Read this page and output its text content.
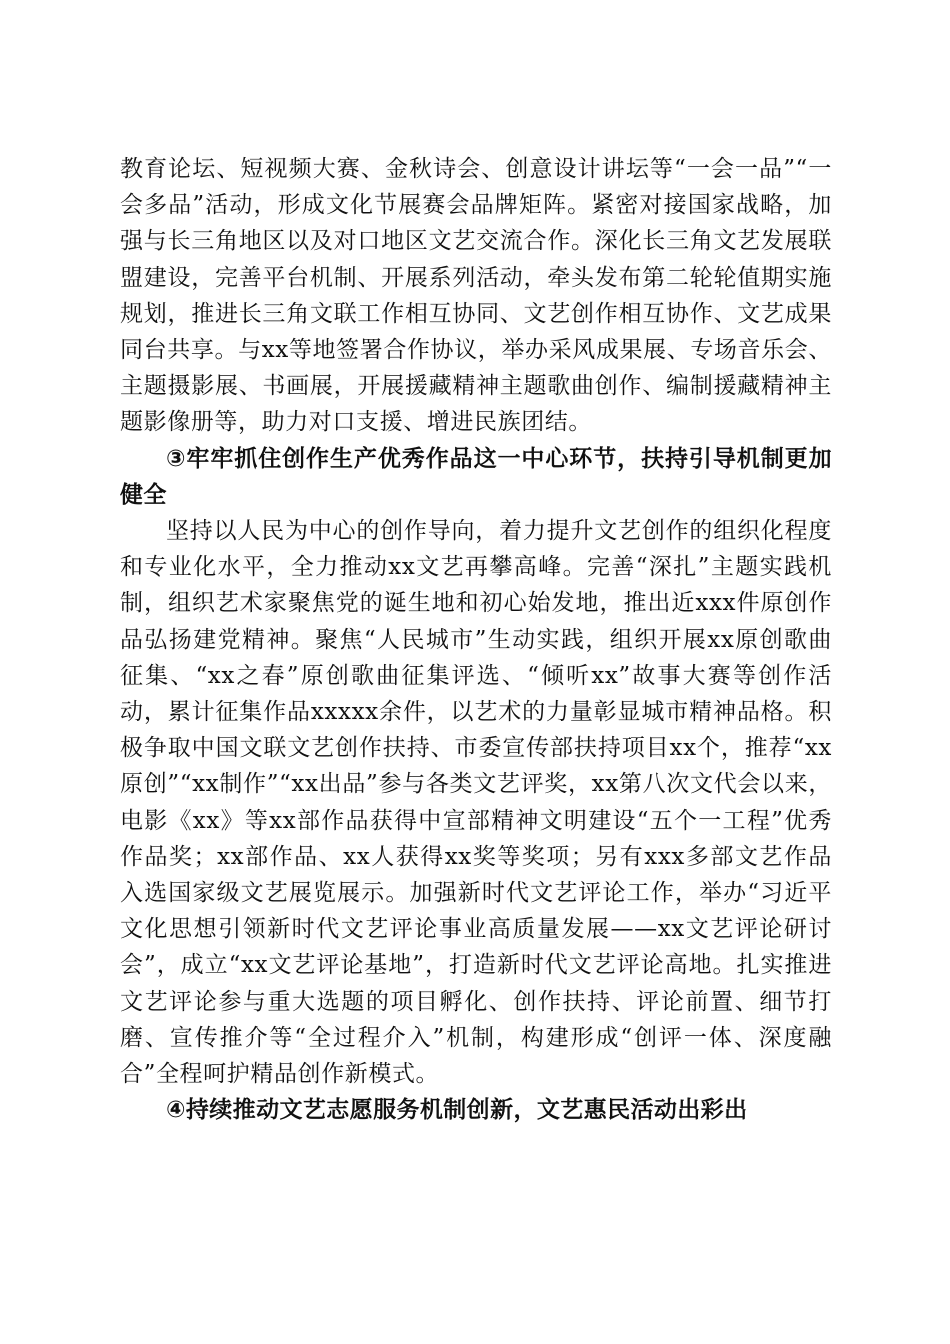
教育论坛、短视频大赛、金秋诗会、创意设计讲坛等“一会一品”“一会多品”活动，形成文化节展赛会品牌矩阵。紧密对接国家战略，加强与长三角地区以及对口地区文艺交流合作。深化长三角文艺发展联盟建设，完善平台机制、开展系列活动，牵头发布第二轮轮值期实施规划，推进长三角文联工作相互协同、文艺创作相互协作、文艺成果同台共享。与xx等地签署合作协议，举办采风成果展、专场音乐会、主题摄影展、书画展，开展援藏精神主题歌曲创作、编制援藏精神主题影像册等，助力对口支援、增进民族团结。

③牢牢抓住创作生产优秀作品这一中心环节，扶持引导机制更加健全

坚持以人民为中心的创作导向，着力提升文艺创作的组织化程度和专业化水平，全力推动xx文艺再攀高峰。完善“深扎”主题实践机制，组织艺术家聚焦党的诞生地和初心始发地，推出近xxx件原创作品弘扬建党精神。聚焦“人民城市”生动实践，组织开展xx原创歌曲征集、“xx之春”原创歌曲征集评选、“倾听xx”故事大赛等创作活动，累计征集作品xxxxx余件，以艺术的力量彰显城市精神品格。积极争取中国文联文艺创作扶持、市委宣传部扶持项目xx个，推荐“xx原创”“xx制作”“xx出品”参与各类文艺评奖，xx第八次文代会以来，电影《xx》等xx部作品获得中宣部精神文明建设“五个一工程”优秀作品奖；xx部作品、xx人获得xx奖等奖项；另有xxx多部文艺作品入选国家级文艺展览展示。加强新时代文艺评论工作，举办“习近平文化思想引领新时代文艺评论事业高质量发展——xx文艺评论研讨会”，成立“xx文艺评论基地”，打造新时代文艺评论高地。扎实推进文艺评论参与重大选题的项目孵化、创作扶持、评论前置、细节打磨、宣传推介等“全过程介入”机制，构建形成“创评一体、深度融合”全程呵护精品创作新模式。

④持续推动文艺志愿服务机制创新，文艺惠民活动出彩出
